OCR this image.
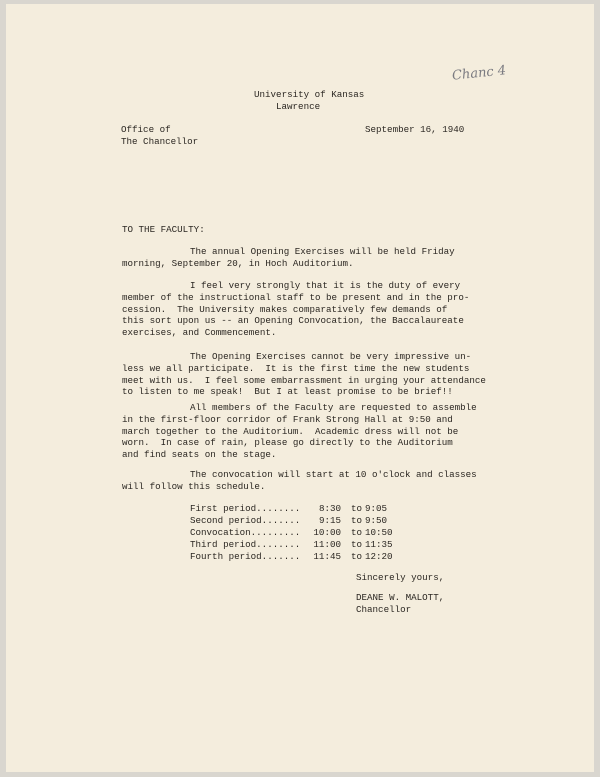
Chanc 4
University of Kansas
Lawrence
Office of
The Chancellor
September 16, 1940
TO THE FACULTY:
The annual Opening Exercises will be held Friday
morning, September 20, in Hoch Auditorium.
I feel very strongly that it is the duty of every
member of the instructional staff to be present and in the pro-
cession.  The University makes comparatively few demands of
this sort upon us -- an Opening Convocation, the Baccalaureate
exercises, and Commencement.
The Opening Exercises cannot be very impressive un-
less we all participate.  It is the first time the new students
meet with us.  I feel some embarrassment in urging your attendance
to listen to me speak!  But I at least promise to be brief!!
All members of the Faculty are requested to assemble
in the first-floor corridor of Frank Strong Hall at 9:50 and
march together to the Auditorium.  Academic dress will not be
worn.  In case of rain, please go directly to the Auditorium
and find seats on the stage.
The convocation will start at 10 o'clock and classes
will follow this schedule.
First period........	8:30 to 9:05
Second period.......	9:15 to 9:50
Convocation.........	10:00 to 10:50
Third period........	11:00 to 11:35
Fourth period.......	11:45 to 12:20
Sincerely yours,
DEANE W. MALOTT,
Chancellor
